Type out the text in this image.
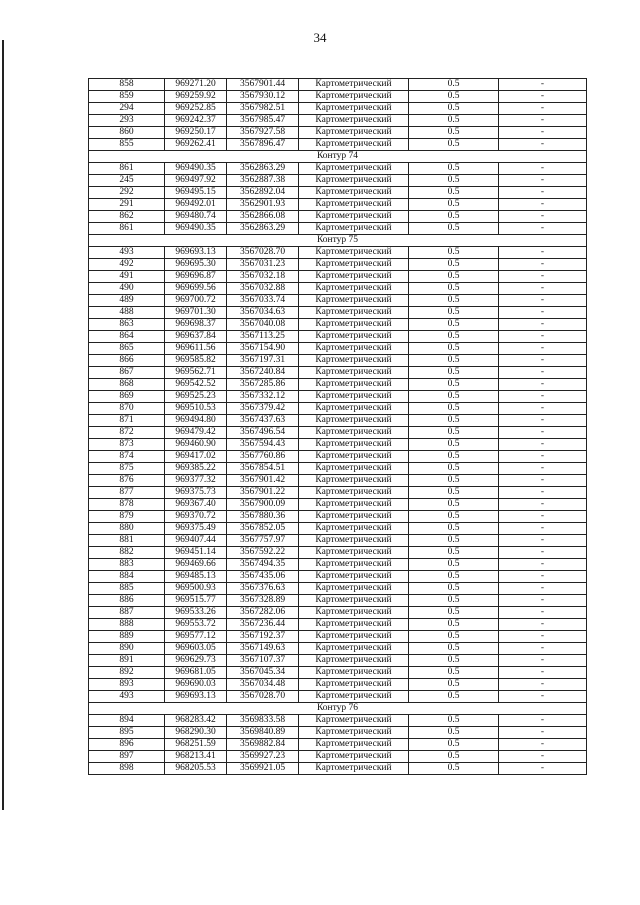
34
858	969271.20	3567901.44	Картометрический	0.5	-
859	969259.92	3567930.12	Картометрический	0.5	-
294	969252.85	3567982.51	Картометрический	0.5	-
293	969242.37	3567985.47	Картометрический	0.5	-
860	969250.17	3567927.58	Картометрический	0.5	-
855	969262.41	3567896.47	Картометрический	0.5	-
Контур 74					
861	969490.35	3562863.29	Картометрический	0.5	-
245	969497.92	3562887.38	Картометрический	0.5	-
292	969495.15	3562892.04	Картометрический	0.5	-
291	969492.01	3562901.93	Картометрический	0.5	-
862	969480.74	3562866.08	Картометрический	0.5	-
861	969490.35	3562863.29	Картометрический	0.5	-
Контур 75					
493	969693.13	3567028.70	Картометрический	0.5	-
492	969695.30	3567031.23	Картометрический	0.5	-
491	969696.87	3567032.18	Картометрический	0.5	-
490	969699.56	3567032.88	Картометрический	0.5	-
489	969700.72	3567033.74	Картометрический	0.5	-
488	969701.30	3567034.63	Картометрический	0.5	-
863	969698.37	3567040.08	Картометрический	0.5	-
864	969637.84	3567113.25	Картометрический	0.5	-
865	969611.56	3567154.90	Картометрический	0.5	-
866	969585.82	3567197.31	Картометрический	0.5	-
867	969562.71	3567240.84	Картометрический	0.5	-
868	969542.52	3567285.86	Картометрический	0.5	-
869	969525.23	3567332.12	Картометрический	0.5	-
870	969510.53	3567379.42	Картометрический	0.5	-
871	969494.80	3567437.63	Картометрический	0.5	-
872	969479.42	3567496.54	Картометрический	0.5	-
873	969460.90	3567594.43	Картометрический	0.5	-
874	969417.02	3567760.86	Картометрический	0.5	-
875	969385.22	3567854.51	Картометрический	0.5	-
876	969377.32	3567901.42	Картометрический	0.5	-
877	969375.73	3567901.22	Картометрический	0.5	-
878	969367.40	3567900.09	Картометрический	0.5	-
879	969370.72	3567880.36	Картометрический	0.5	-
880	969375.49	3567852.05	Картометрический	0.5	-
881	969407.44	3567757.97	Картометрический	0.5	-
882	969451.14	3567592.22	Картометрический	0.5	-
883	969469.66	3567494.35	Картометрический	0.5	-
884	969485.13	3567435.06	Картометрический	0.5	-
885	969500.93	3567376.63	Картометрический	0.5	-
886	969515.77	3567328.89	Картометрический	0.5	-
887	969533.26	3567282.06	Картометрический	0.5	-
888	969553.72	3567236.44	Картометрический	0.5	-
889	969577.12	3567192.37	Картометрический	0.5	-
890	969603.05	3567149.63	Картометрический	0.5	-
891	969629.73	3567107.37	Картометрический	0.5	-
892	969681.05	3567045.34	Картометрический	0.5	-
893	969690.03	3567034.48	Картометрический	0.5	-
493	969693.13	3567028.70	Картометрический	0.5	-
Контур 76					
894	968283.42	3569833.58	Картометрический	0.5	-
895	968290.30	3569840.89	Картометрический	0.5	-
896	968251.59	3569882.84	Картометрический	0.5	-
897	968213.41	3569927.23	Картометрический	0.5	-
898	968205.53	3569921.05	Картометрический	0.5	-
